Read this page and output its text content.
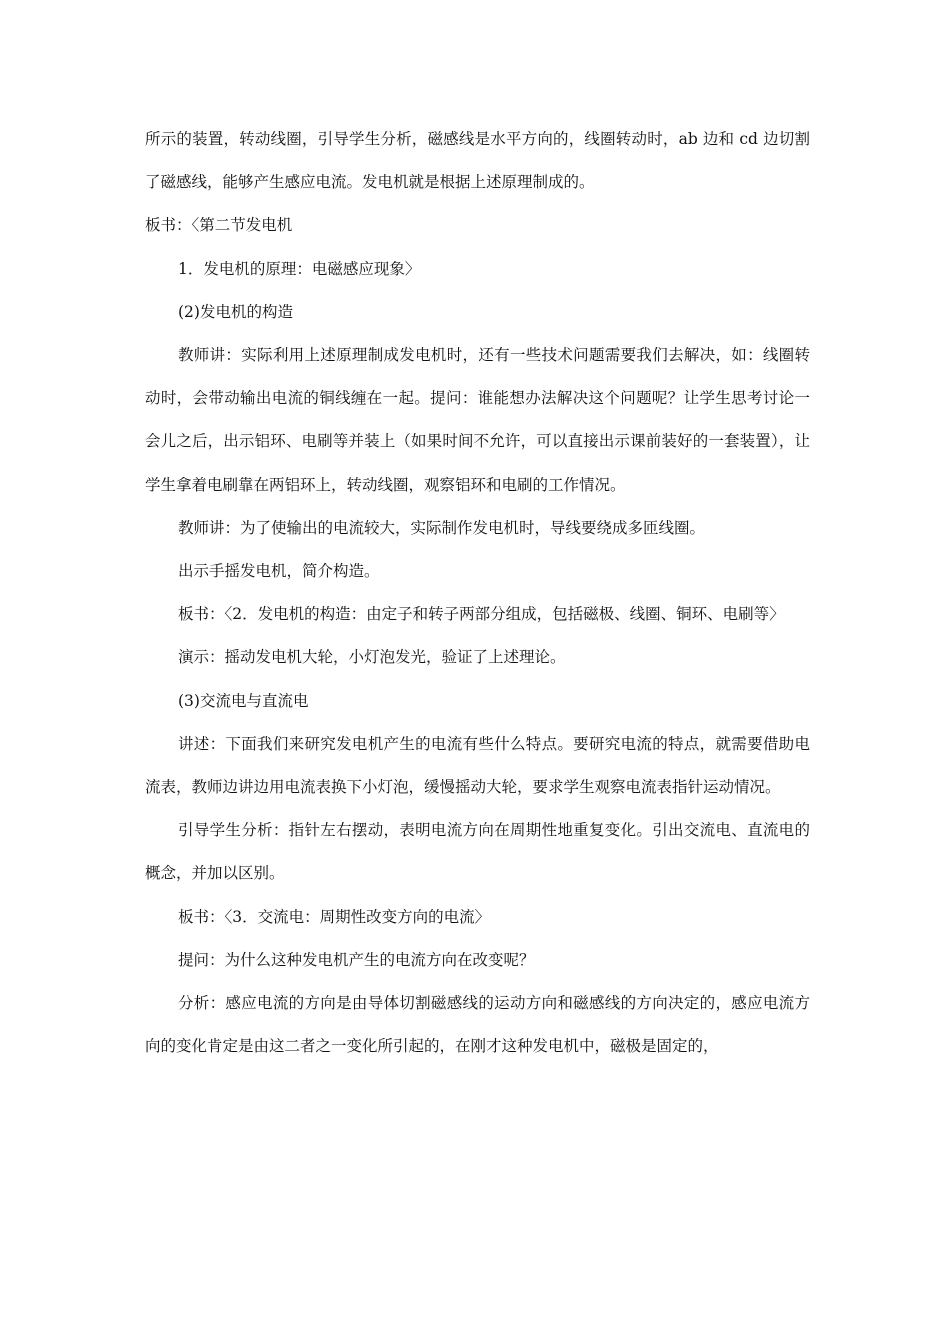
所示的装置，转动线圈，引导学生分析，磁感线是水平方向的，线圈转动时，ab 边和 cd 边切割了磁感线，能够产生感应电流。发电机就是根据上述原理制成的。

板书：〈第二节发电机

1．发电机的原理：电磁感应现象〉

(2)发电机的构造

教师讲：实际利用上述原理制成发电机时，还有一些技术问题需要我们去解决，如：线圈转动时，会带动输出电流的铜线缠在一起。提问：谁能想办法解决这个问题呢？让学生思考讨论一会儿之后，出示铝环、电刷等并装上（如果时间不允许，可以直接出示课前装好的一套装置），让学生拿着电刷靠在两铝环上，转动线圈，观察铝环和电刷的工作情况。

教师讲：为了使输出的电流较大，实际制作发电机时，导线要绕成多匝线圈。

出示手摇发电机，简介构造。

板书：〈2．发电机的构造：由定子和转子两部分组成，包括磁极、线圈、铜环、电刷等〉

演示：摇动发电机大轮，小灯泡发光，验证了上述理论。

(3)交流电与直流电

讲述：下面我们来研究发电机产生的电流有些什么特点。要研究电流的特点，就需要借助电流表，教师边讲边用电流表换下小灯泡，缓慢摇动大轮，要求学生观察电流表指针运动情况。

引导学生分析：指针左右摆动，表明电流方向在周期性地重复变化。引出交流电、直流电的概念，并加以区别。

板书：〈3．交流电：周期性改变方向的电流〉

提问：为什么这种发电机产生的电流方向在改变呢？

分析：感应电流的方向是由导体切割磁感线的运动方向和磁感线的方向决定的，感应电流方向的变化肯定是由这二者之一变化所引起的，在刚才这种发电机中，磁极是固定的，
